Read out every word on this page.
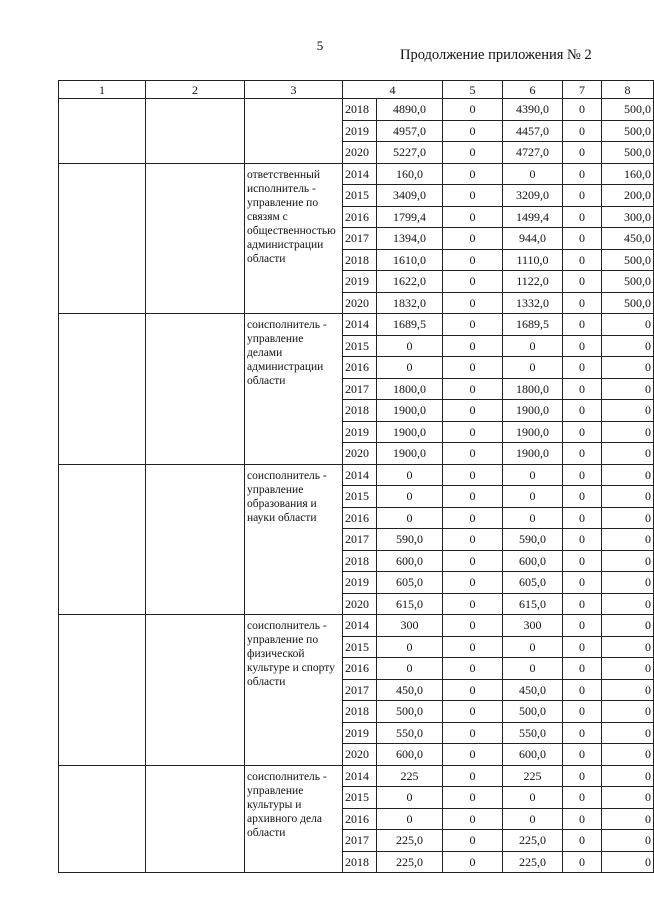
5
Продолжение приложения № 2
1	2	3	4		5	6	7	8
			2018	4890,0	0	4390,0	0	500,0
			2019	4957,0	0	4457,0	0	500,0
			2020	5227,0	0	4727,0	0	500,0
		ответственный исполнитель - управление по связям с общественностью администрации области	2014	160,0	0	0	0	160,0
			2015	3409,0	0	3209,0	0	200,0
			2016	1799,4	0	1499,4	0	300,0
			2017	1394,0	0	944,0	0	450,0
			2018	1610,0	0	1110,0	0	500,0
			2019	1622,0	0	1122,0	0	500,0
			2020	1832,0	0	1332,0	0	500,0
		соисполнитель - управление делами администрации области	2014	1689,5	0	1689,5	0	0
			2015	0	0	0	0	0
			2016	0	0	0	0	0
			2017	1800,0	0	1800,0	0	0
			2018	1900,0	0	1900,0	0	0
			2019	1900,0	0	1900,0	0	0
			2020	1900,0	0	1900,0	0	0
		соисполнитель - управление образования и науки области	2014	0	0	0	0	0
			2015	0	0	0	0	0
			2016	0	0	0	0	0
			2017	590,0	0	590,0	0	0
			2018	600,0	0	600,0	0	0
			2019	605,0	0	605,0	0	0
			2020	615,0	0	615,0	0	0
		соисполнитель - управление по физической культуре и спорту области	2014	300	0	300	0	0
			2015	0	0	0	0	0
			2016	0	0	0	0	0
			2017	450,0	0	450,0	0	0
			2018	500,0	0	500,0	0	0
			2019	550,0	0	550,0	0	0
			2020	600,0	0	600,0	0	0
		соисполнитель - управление культуры и архивного дела области	2014	225	0	225	0	0
			2015	0	0	0	0	0
			2016	0	0	0	0	0
			2017	225,0	0	225,0	0	0
			2018	225,0	0	225,0	0	0
